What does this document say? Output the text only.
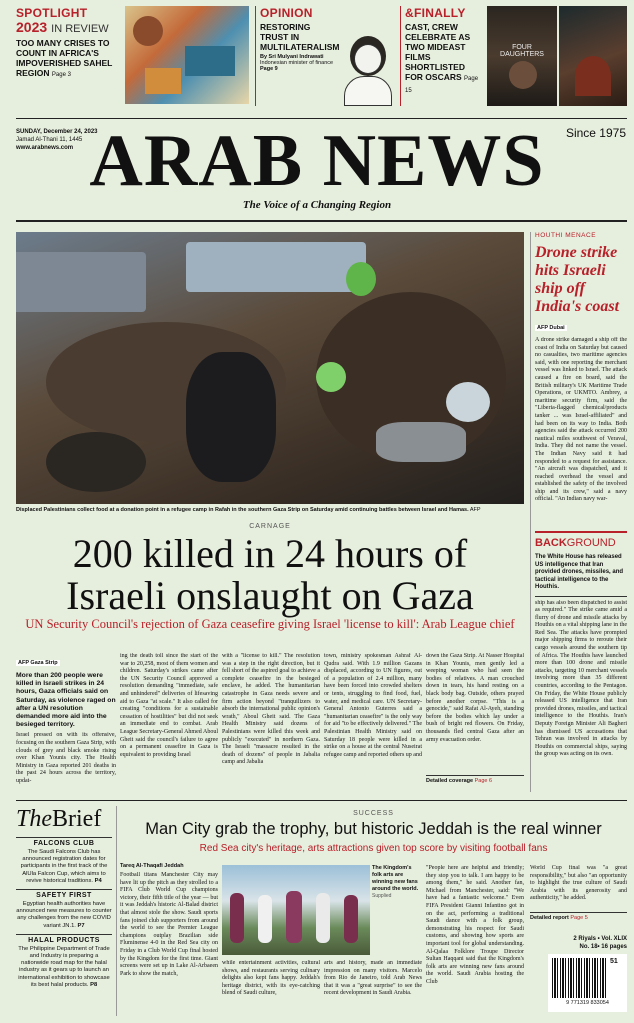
SPOTLIGHT
2023 IN REVIEW
TOO MANY CRISES TO COUNT IN AFRICA'S IMPOVERISHED SAHEL REGION Page 3
OPINION
RESTORING TRUST IN MULTILATERALISM
By Sri Mulyani Indrawati
Indonesian minister of finance
Page 9
&FINALLY
CAST, CREW CELEBRATE AS TWO MIDEAST FILMS SHORTLISTED FOR OSCARS Page 15
FOUR DAUGHTERS
SUNDAY, December 24, 2023
Jamad Al-Thani 11, 1445
www.arabnews.com
Since 1975
ARAB NEWS
The Voice of a Changing Region
Displaced Palestinians collect food at a donation point in a refugee camp in Rafah in the southern Gaza Strip on Saturday amid continuing battles between Israel and Hamas. AFP
CARNAGE
200 killed in 24 hours of
Israeli onslaught on Gaza
UN Security Council's rejection of Gaza ceasefire giving Israel 'license to kill': Arab League chief
AFP Gaza Strip
More than 200 people were killed in Israeli strikes in 24 hours, Gaza officials said on Saturday, as violence raged on after a UN resolution demanded more aid into the besieged territory.
Israel pressed on with its offensive, focusing on the southern Gaza Strip, with clouds of grey and black smoke rising over Khan Younis city. The Health Ministry in Gaza reported 201 deaths in the past 24 hours across the territory, updat-
ing the death toll since the start of the war to 20,258, most of them women and children. Saturday's strikes came after the UN Security Council approved a resolution demanding "immediate, safe and unhindered" deliveries of lifesaving aid to Gaza "at scale." It also called for creating "conditions for a sustainable cessation of hostilities" but did not seek an immediate end to combat. Arab League Secretary-General Ahmed Aboul Gheit said the council's failure to agree on a permanent ceasefire in Gaza is equivalent to providing Israel
with a "license to kill." The resolution was a step in the right direction, but it fell short of the aspired goal to achieve a complete ceasefire in the besieged enclave, he added. The humanitarian catastrophe in Gaza needs severe and firm action beyond "tranquilizers to absorb the international public opinion's wrath," Aboul Gheit said. The Gaza Health Ministry said dozens of Palestinians were killed this week and publicly "executed" in northern Gaza. The Israeli "massacre resulted in the death of dozens" of people in Jabalia camp and Jabalia
town, ministry spokesman Ashraf Al-Qudra said. With 1.9 million Gazans displaced, according to UN figures, out of a population of 2.4 million, many have been forced into crowded shelters or tents, struggling to find food, fuel, water, and medical care. UN Secretary-General Antonio Guterres said a "humanitarian ceasefire" is the only way for aid "to be effectively delivered." The Palestinian Health Ministry said on Saturday 18 people were killed in a strike on a house at the central Nuseirat refugee camp and reported others up and
down the Gaza Strip. At Nasser Hospital in Khan Younis, men gently led a weeping woman who had seen the bodies of relatives. A man crouched down in tears, his hand resting on a black body bag. Outside, others prayed before another corpse. "This is a genocide," said Rafat Al-Ayeh, standing before the bodies which lay under a bush of bright red flowers. On Friday, thousands fled central Gaza after an army evacuation order.
Detailed coverage Page 6
HOUTHI MENACE
Drone strike hits Israeli ship off India's coast
AFP Dubai
A drone strike damaged a ship off the coast of India on Saturday but caused no casualties, two maritime agencies said, with one reporting the merchant vessel was linked to Israel. The attack caused a fire on board, said the British military's UK Maritime Trade Operations, or UKMTO. Ambrey, a maritime security firm, said the "Liberia-flagged chemical/products tanker ... was Israel-affiliated" and had been on its way to India. Both agencies said the attack occurred 200 nautical miles southwest of Veraval, India. They did not name the vessel. The Indian Navy said it had responded to a request for assistance. "An aircraft was dispatched, and it reached overhead the vessel and established the safety of the involved ship and its crew," said a navy official. "An Indian navy war-
BACKGROUND
The White House has released US intelligence that Iran provided drones, missiles, and tactical intelligence to the Houthis.
ship has also been dispatched to assist as required." The strike came amid a flurry of drone and missile attacks by Houthis on a vital shipping lane in the Red Sea. The attacks have prompted major shipping firms to reroute their cargo vessels around the southern tip of Africa. The Houthis have launched more than 100 drone and missile attacks, targeting 10 merchant vessels involving more than 35 different countries, according to the Pentagon. On Friday, the White House publicly released US intelligence that Iran provided drones, missiles, and tactical intelligence to the Houthis. Iran's Deputy Foreign Minister Ali Bagheri has dismissed US accusations that Tehran was involved in attacks by Houthis on commercial ships, saying the group was acting on its own.
TheBrief
FALCONS CLUB
The Saudi Falcons Club has announced registration dates for participants in the first track of the AlUla Falcon Cup, which aims to revive historical traditions. P4
SAFETY FIRST
Egyptian health authorities have announced new measures to counter any challenges from the new COVID variant JN.1. P7
HALAL PRODUCTS
The Philippine Department of Trade and Industry is preparing a nationwide road map for the halal industry as it gears up to launch an international exhibition to showcase its best halal products. P8
SUCCESS
Man City grab the trophy, but historic Jeddah is the real winner
Red Sea city's heritage, arts attractions given top score by visiting football fans
Tareq Al-Thaqafi Jeddah
Football titans Manchester City may have lit up the pitch as they strolled to a FIFA Club World Cup champions victory, their fifth title of the year — but it was Jeddah's historic Al-Balad district that almost stole the show. Saudi sports fans joined club supporters from around the world to see the Premier League champions outplay Brazilian side Fluminense 4-0 in the Red Sea city on Friday in a Club World Cup final hosted by the Kingdom for the first time. Giant screens were set up in Lake Al-Arbaeen Park to show the match,
The Kingdom's folk arts are winning new fans around the world.
Supplied
while entertainment activities, cultural shows, and restaurants serving culinary delights also kept fans happy. Jeddah's heritage district, with its eye-catching blend of Saudi culture,
arts and history, made an immediate impression on many visitors. Marcelo from Rio de Janeiro, told Arab News that it was a "great surprise" to see the recent development in Saudi Arabia.
"People here are helpful and friendly; they stop you to talk. I am happy to be among them," he said. Another fan, Michael from Manchester, said: "We have had a fantastic welcome." Even FIFA President Gianni Infantino got in on the act, performing a traditional Saudi dance with a folk group, demonstrating his respect for Saudi customs, and showing how sports are important tool for global understanding. Al-Qalaa Folklore Troupe Director Sultan Haqqani said that the Kingdom's folk arts are winning new fans around the world. Saudi Arabia hosting the Club
World Cup final was "a great responsibility," but also "an opportunity to highlight the true culture of Saudi Arabia with its generosity and authenticity," he added.
Detailed report Page 5
2 Riyals • Vol. XLIX
No. 18• 16 pages
51
9 771319 833054
